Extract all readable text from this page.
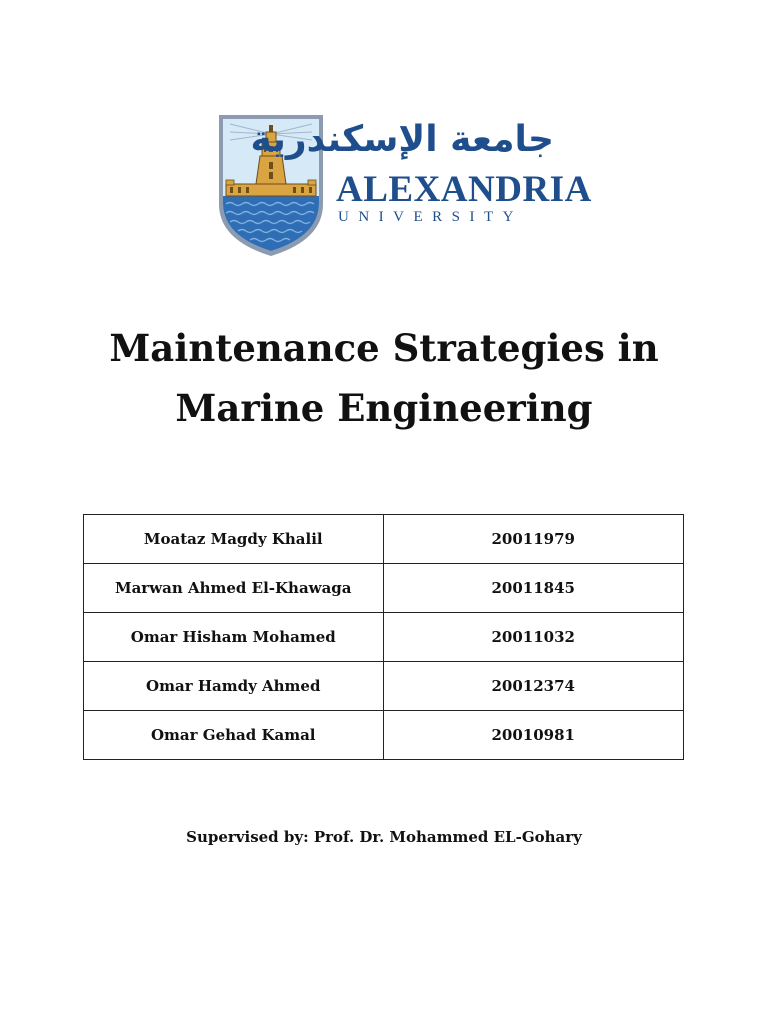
جامعة الإسكندرية
ALEXANDRIA
UNIVERSITY
Maintenance Strategies in
Marine Engineering
Moataz Magdy Khalil	20011979
Marwan Ahmed El-Khawaga	20011845
Omar Hisham Mohamed	20011032
Omar Hamdy Ahmed	20012374
Omar Gehad Kamal	20010981
Supervised by: Prof. Dr. Mohammed EL-Gohary
